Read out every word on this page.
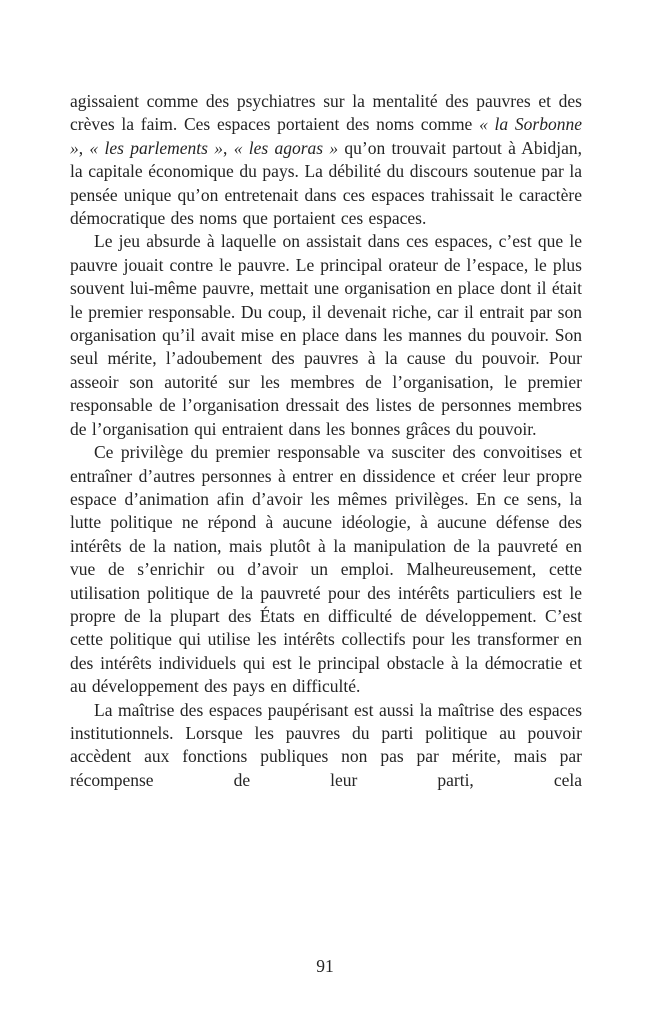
agissaient comme des psychiatres sur la mentalité des pauvres et des crèves la faim. Ces espaces portaient des noms comme « la Sorbonne », « les parlements », « les agoras » qu’on trouvait partout à Abidjan, la capitale économique du pays. La débilité du discours soutenue par la pensée unique qu’on entretenait dans ces espaces trahissait le caractère démocratique des noms que portaient ces espaces.

Le jeu absurde à laquelle on assistait dans ces espaces, c’est que le pauvre jouait contre le pauvre. Le principal orateur de l’espace, le plus souvent lui-même pauvre, mettait une organisation en place dont il était le premier responsable. Du coup, il devenait riche, car il entrait par son organisation qu’il avait mise en place dans les mannes du pouvoir. Son seul mérite, l’adoubement des pauvres à la cause du pouvoir. Pour asseoir son autorité sur les membres de l’organisation, le premier responsable de l’organisation dressait des listes de personnes membres de l’organisation qui entraient dans les bonnes grâces du pouvoir.

Ce privilège du premier responsable va susciter des convoitises et entraîner d’autres personnes à entrer en dissidence et créer leur propre espace d’animation afin d’avoir les mêmes privilèges. En ce sens, la lutte politique ne répond à aucune idéologie, à aucune défense des intérêts de la nation, mais plutôt à la manipulation de la pauvreté en vue de s’enrichir ou d’avoir un emploi. Malheureusement, cette utilisation politique de la pauvreté pour des intérêts particuliers est le propre de la plupart des États en difficulté de développement. C’est cette politique qui utilise les intérêts collectifs pour les transformer en des intérêts individuels qui est le principal obstacle à la démocratie et au développement des pays en difficulté.

La maîtrise des espaces paupérisant est aussi la maîtrise des espaces institutionnels. Lorsque les pauvres du parti politique au pouvoir accèdent aux fonctions publiques non pas par mérite, mais par récompense de leur parti, cela

91
